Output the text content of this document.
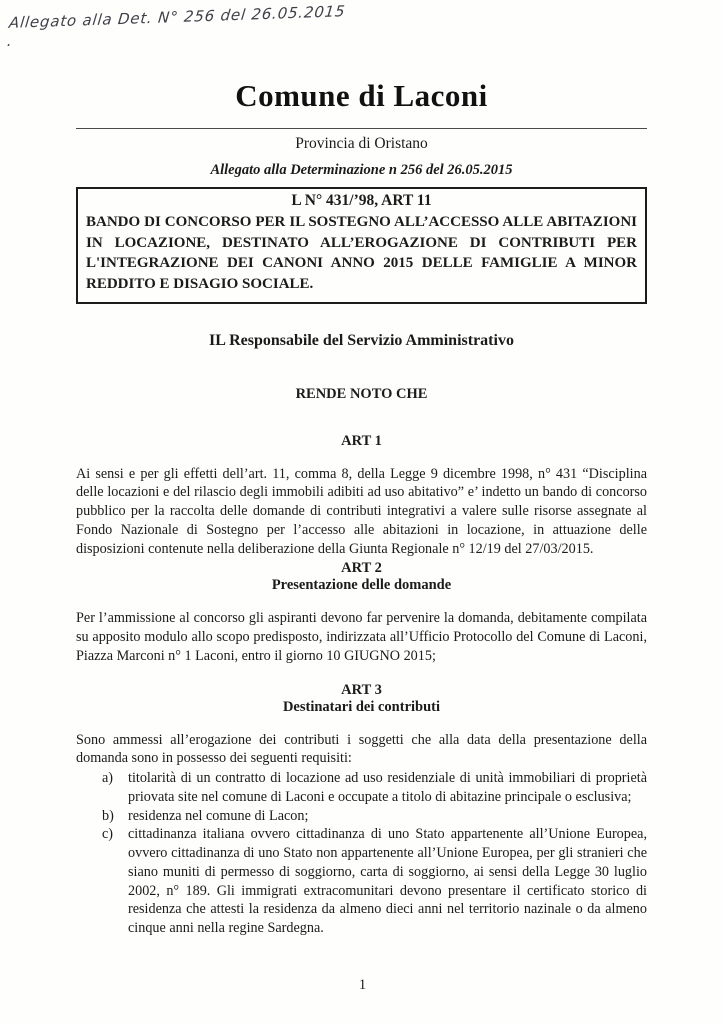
Allegato alla Det. N° 256 del 26.05.2015 .
Comune di Laconi
Provincia di Oristano
Allegato alla Determinazione n 256 del 26.05.2015
L N° 431/’98, ART 11
BANDO DI CONCORSO PER IL SOSTEGNO ALL’ACCESSO ALLE ABITAZIONI IN LOCAZIONE, DESTINATO ALL’EROGAZIONE DI CONTRIBUTI PER L'INTEGRAZIONE DEI CANONI ANNO 2015 DELLE FAMIGLIE A MINOR REDDITO E DISAGIO SOCIALE.
IL Responsabile del Servizio Amministrativo
RENDE NOTO CHE
ART 1

Ai sensi e per gli effetti dell’art. 11, comma 8, della Legge 9 dicembre 1998, n° 431 “Disciplina delle locazioni e del rilascio degli immobili adibiti ad uso abitativo” e’ indetto un bando di concorso pubblico per la raccolta delle domande di contributi integrativi a valere sulle risorse assegnate al Fondo Nazionale di Sostegno per l’accesso alle abitazioni in locazione, in attuazione delle disposizioni contenute nella deliberazione della Giunta Regionale n° 12/19 del 27/03/2015.

ART 2
Presentazione delle domande

Per l’ammissione al concorso gli aspiranti devono far pervenire la domanda, debitamente compilata su apposito modulo allo scopo predisposto, indirizzata all’Ufficio Protocollo del Comune di Laconi, Piazza Marconi n° 1 Laconi, entro il giorno 10 GIUGNO 2015;

ART 3
Destinatari dei contributi

Sono ammessi all’erogazione dei contributi i soggetti che alla data della presentazione della domanda sono in possesso dei seguenti requisiti:

a)	titolarità di un contratto di locazione ad uso residenziale di unità immobiliari di proprietà priovata site nel comune di Laconi e occupate a titolo di abitazine principale o esclusiva;
b) residenza nel comune di Lacon;
c)	cittadinanza italiana ovvero cittadinanza di uno Stato appartenente all’Unione Europea, ovvero cittadinanza di uno Stato non appartenente all’Unione Europea, per gli stranieri che siano muniti di permesso di soggiorno, carta di soggiorno, ai sensi della Legge 30 luglio 2002, n° 189. Gli immigrati extracomunitari devono presentare il certificato storico di residenza che attesti la residenza da almeno dieci anni nel territorio nazinale o da almeno cinque anni nella regine Sardegna.
1
